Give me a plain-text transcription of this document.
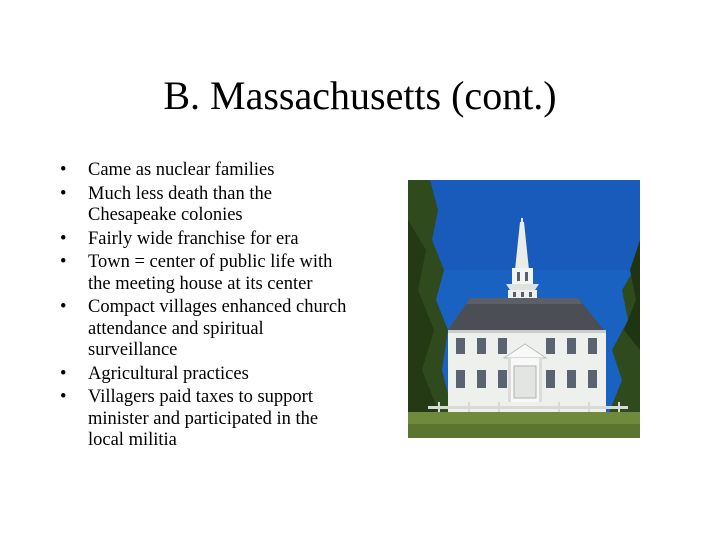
B. Massachusetts (cont.)
• Came as nuclear families
• Much less death than the Chesapeake colonies
• Fairly wide franchise for era
• Town = center of public life with the meeting house at its center
• Compact villages enhanced church attendance and spiritual surveillance
• Agricultural practices
• Villagers paid taxes to support minister and participated in the local militia
